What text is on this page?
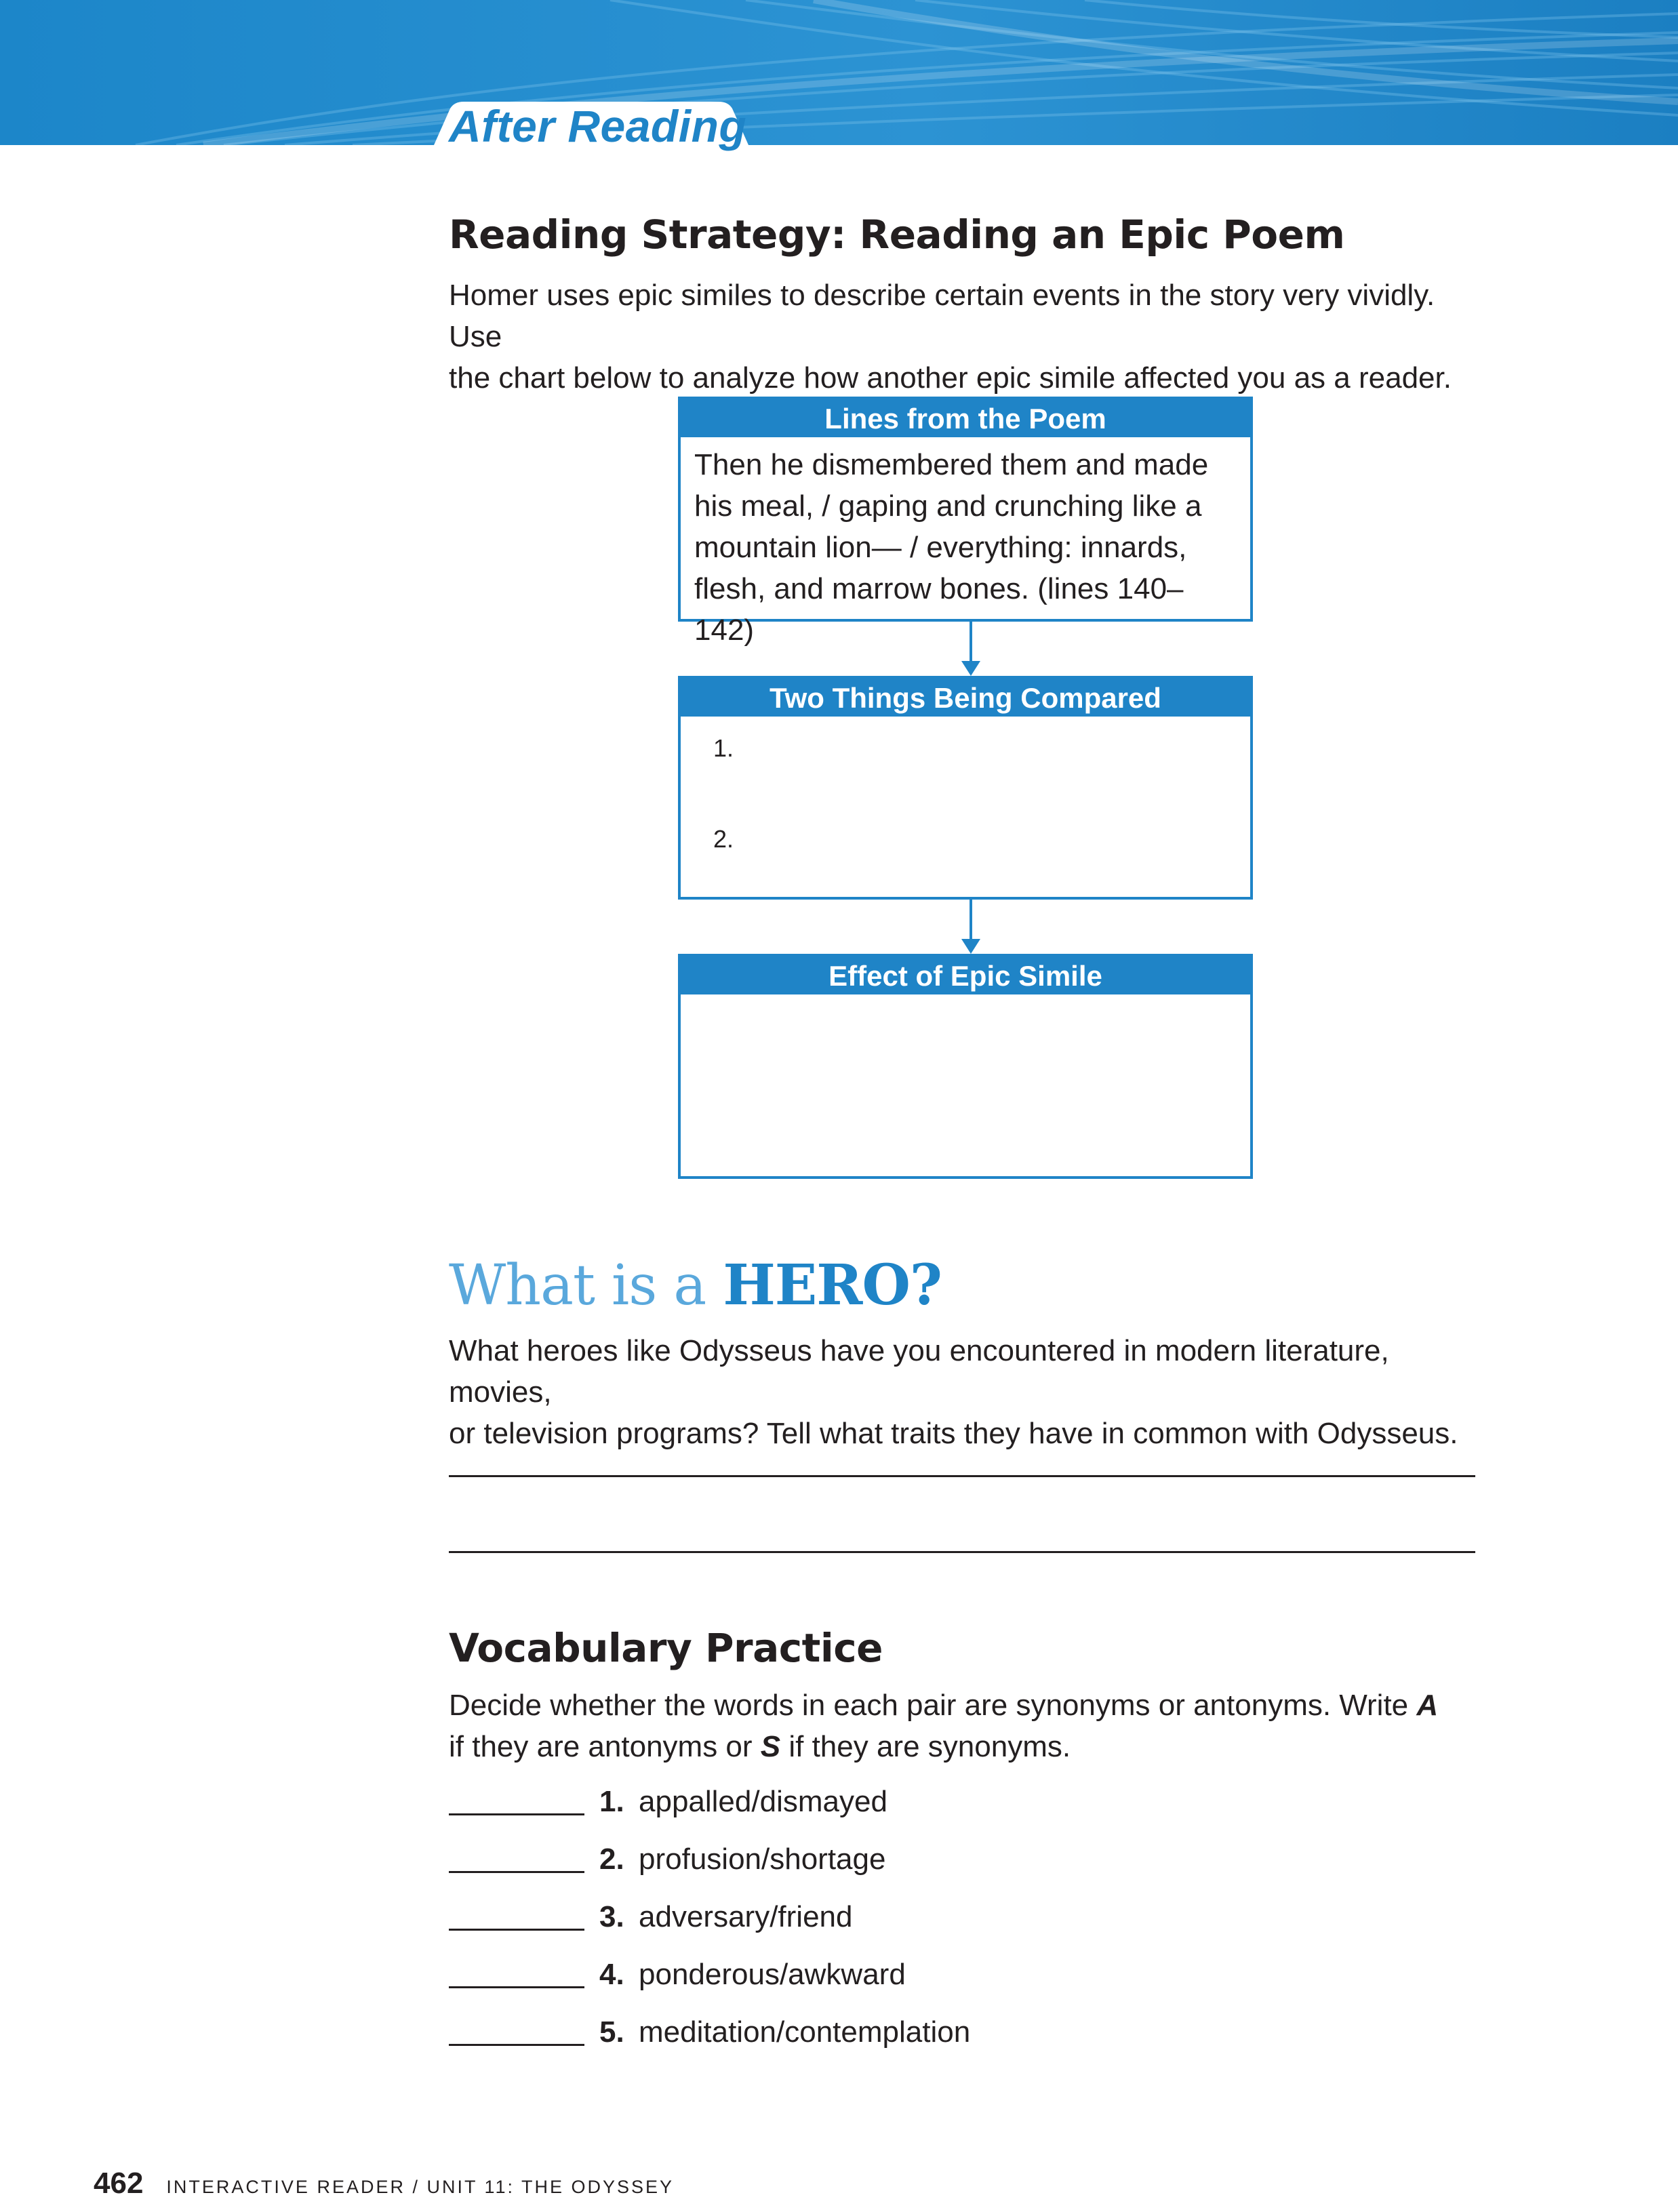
After Reading
Reading Strategy: Reading an Epic Poem
Homer uses epic similes to describe certain events in the story very vividly. Use
the chart below to analyze how another epic simile affected you as a reader.
Lines from the Poem
Then he dismembered them and made
his meal, / gaping and crunching like a
mountain lion— / everything: innards,
flesh, and marrow bones. (lines 140–142)
Two Things Being Compared
1.
2.
Effect of Epic Simile
What is a HERO?
What heroes like Odysseus have you encountered in modern literature, movies,
or television programs? Tell what traits they have in common with Odysseus.
Vocabulary Practice
Decide whether the words in each pair are synonyms or antonyms. Write A
if they are antonyms or S if they are synonyms.
1. appalled/dismayed
2. profusion/shortage
3. adversary/friend
4. ponderous/awkward
5. meditation/contemplation
462 INTERACTIVE READER / UNIT 11: THE ODYSSEY
